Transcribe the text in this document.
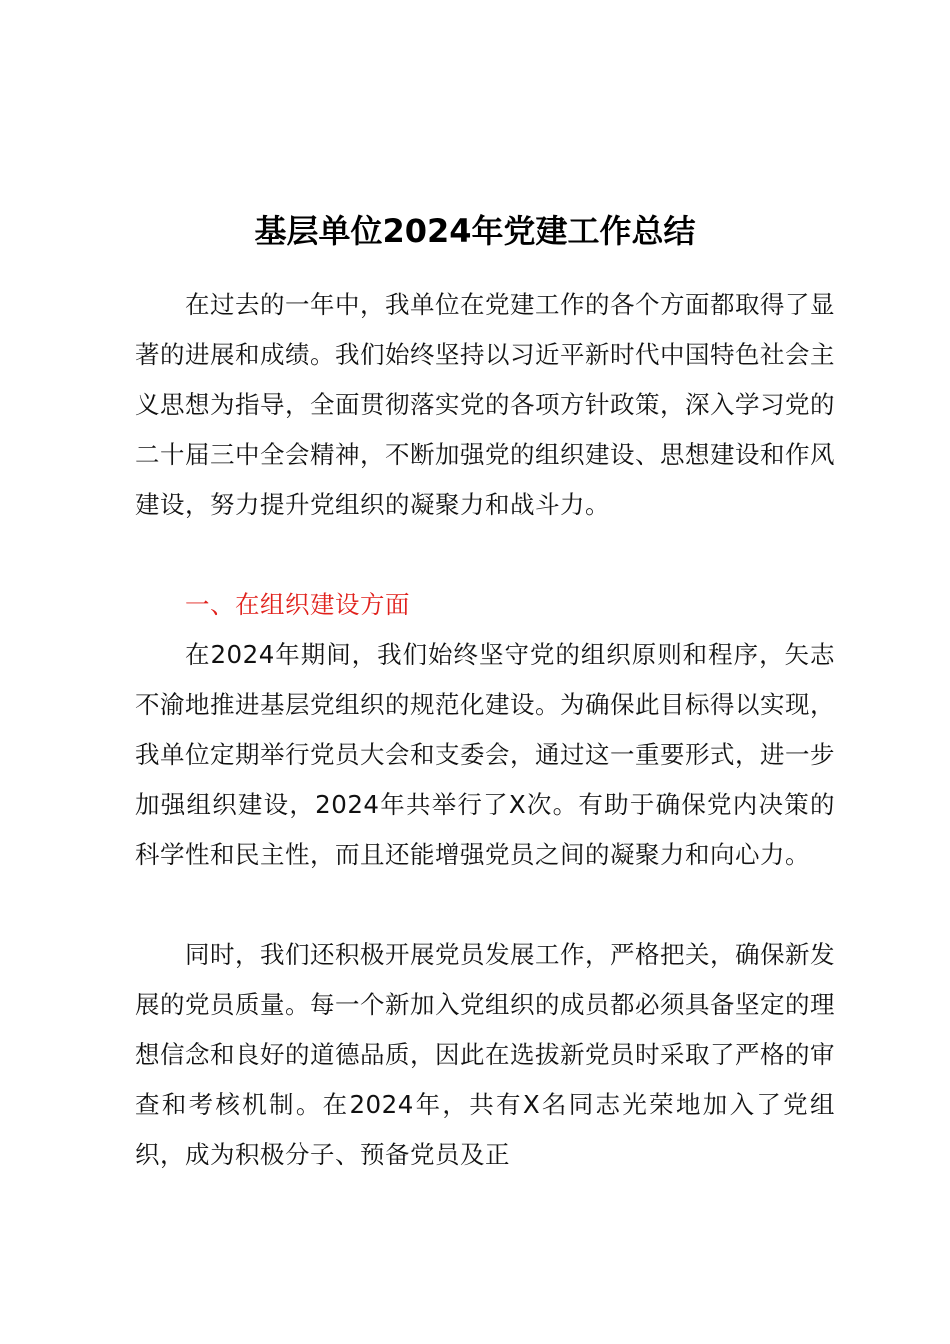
基层单位2024年党建工作总结

在过去的一年中，我单位在党建工作的各个方面都取得了显著的进展和成绩。我们始终坚持以习近平新时代中国特色社会主义思想为指导，全面贯彻落实党的各项方针政策，深入学习党的二十届三中全会精神，不断加强党的组织建设、思想建设和作风建设，努力提升党组织的凝聚力和战斗力。

一、在组织建设方面

在2024年期间，我们始终坚守党的组织原则和程序，矢志不渝地推进基层党组织的规范化建设。为确保此目标得以实现，我单位定期举行党员大会和支委会，通过这一重要形式，进一步加强组织建设，2024年共举行了X次。有助于确保党内决策的科学性和民主性，而且还能增强党员之间的凝聚力和向心力。

同时，我们还积极开展党员发展工作，严格把关，确保新发展的党员质量。每一个新加入党组织的成员都必须具备坚定的理想信念和良好的道德品质，因此在选拔新党员时采取了严格的审查和考核机制。在2024年，共有X名同志光荣地加入了党组织，成为积极分子、预备党员及正
